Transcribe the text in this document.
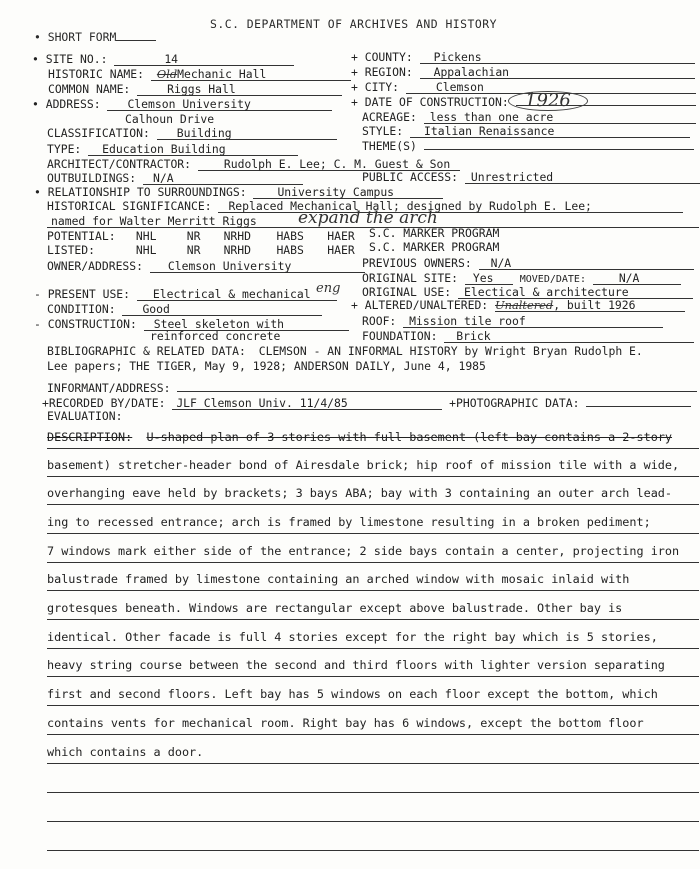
• SHORT FORM
S.C. DEPARTMENT OF ARCHIVES AND HISTORY
• SITE NO.:	14
HISTORIC NAME: OldMechanic Hall
COMMON NAME:	Riggs Hall
• ADDRESS: Clemson University
Calhoun Drive
CLASSIFICATION: Building
TYPE: Education Building
ARCHITECT/CONTRACTOR:	Rudolph E. Lee; C. M. Guest & Son
OUTBUILDINGS: N/A
• RELATIONSHIP TO SURROUNDINGS:	University Campus
HISTORICAL SIGNIFICANCE: Replaced Mechanical Hall; designed by Rudolph E. Lee;
named for Walter Merritt Riggs	expand the arch
POTENTIAL: NHL	NR NRHD HABS HAER
LISTED:	NHL	NR NRHD HABS HAER
OWNER/ADDRESS: Clemson University
+ COUNTY: Pickens
+ REGION: Appalachian
+ CITY:	Clemson
+ DATE OF CONSTRUCTION: 1926
ACREAGE: less than one acre
STYLE: Italian Renaissance
THEME(S)
PUBLIC ACCESS: Unrestricted
S.C. MARKER PROGRAM
S.C. MARKER PROGRAM
PREVIOUS OWNERS: N/A
ORIGINAL SITE: Yes	MOVED/DATE:	N/A
ORIGINAL USE: Electical & architecture
- PRESENT USE: Electrical & mechanical eng
+ ALTERED/UNALTERED: Unaltered, built 1926
CONDITION: Good
ROOF: Mission tile roof
- CONSTRUCTION: Steel skeleton with
reinforced concrete	FOUNDATION: Brick
BIBLIOGRAPHIC & RELATED DATA: CLEMSON - AN INFORMAL HISTORY by Wright Bryan Rudolph E.
Lee papers; THE TIGER, May 9, 1928; ANDERSON DAILY, June 4, 1985
INFORMANT/ADDRESS:
+RECORDED BY/DATE: JLF Clemson Univ. 11/4/85	+PHOTOGRAPHIC DATA:
EVALUATION:
DESCRIPTION: U-shaped plan of 3 stories with full basement (left bay contains a 2-story
basement) stretcher-header bond of Airesdale brick; hip roof of mission tile with a wide,
overhanging eave held by brackets; 3 bays ABA; bay with 3 containing an outer arch lead-
ing to recessed entrance; arch is framed by limestone resulting in a broken pediment;
7 windows mark either side of the entrance; 2 side bays contain a center, projecting iron
balustrade framed by limestone containing an arched window with mosaic inlaid with
grotesques beneath. Windows are rectangular except above balustrade. Other bay is
identical. Other facade is full 4 stories except for the right bay which is 5 stories,
heavy string course between the second and third floors with lighter version separating
first and second floors. Left bay has 5 windows on each floor except the bottom, which
contains vents for mechanical room. Right bay has 6 windows, except the bottom floor
which contains a door.
